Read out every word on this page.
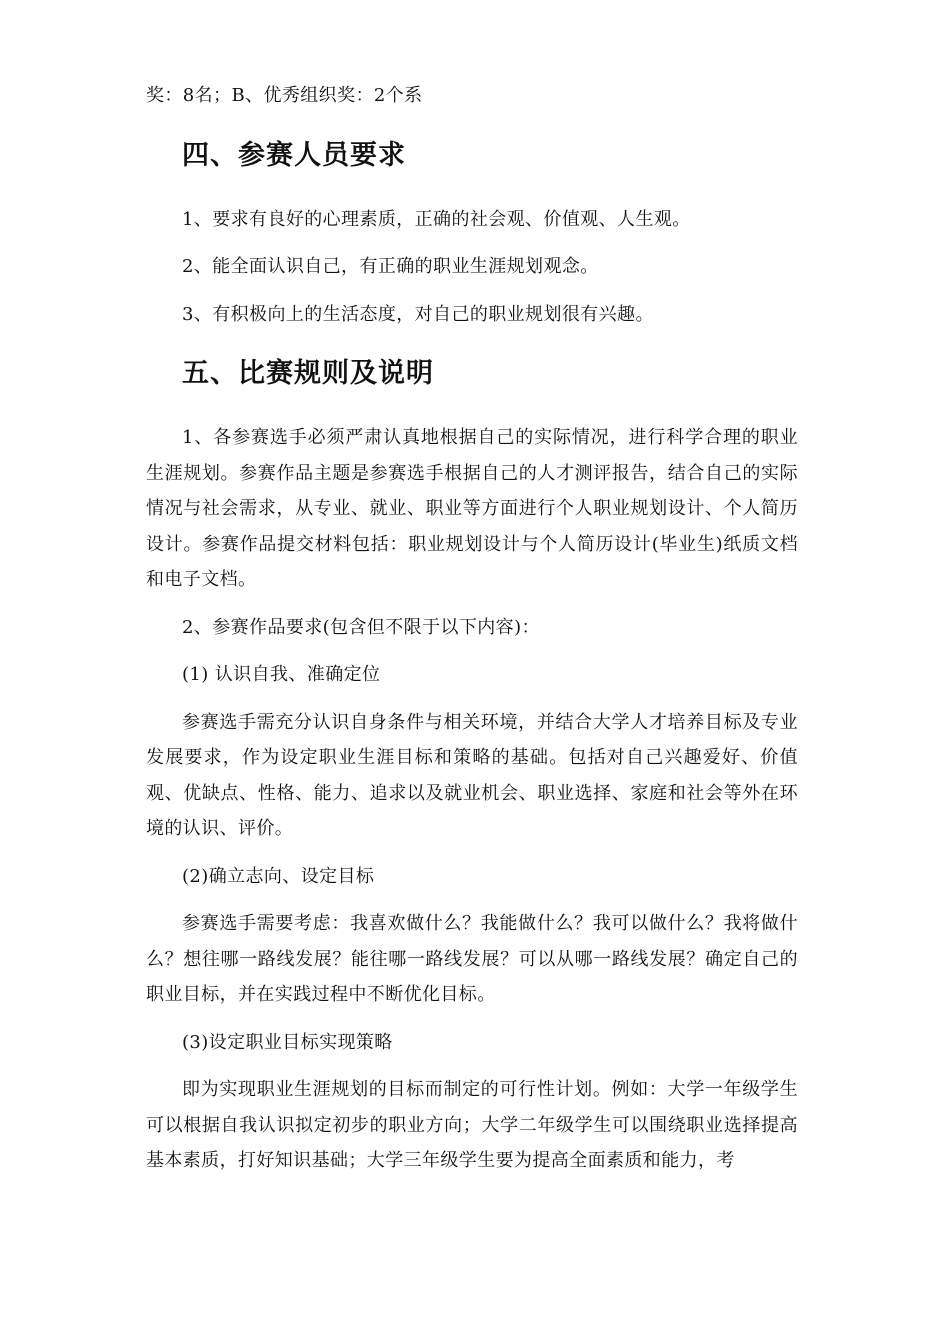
奖：8名；B、优秀组织奖：2个系

四、参赛人员要求

1、要求有良好的心理素质，正确的社会观、价值观、人生观。

2、能全面认识自己，有正确的职业生涯规划观念。

3、有积极向上的生活态度，对自己的职业规划很有兴趣。

五、比赛规则及说明

1、各参赛选手必须严肃认真地根据自己的实际情况，进行科学合理的职业生涯规划。参赛作品主题是参赛选手根据自己的人才测评报告，结合自己的实际情况与社会需求，从专业、就业、职业等方面进行个人职业规划设计、个人简历设计。参赛作品提交材料包括：职业规划设计与个人简历设计(毕业生)纸质文档和电子文档。

2、参赛作品要求(包含但不限于以下内容)：

(1) 认识自我、准确定位

参赛选手需充分认识自身条件与相关环境，并结合大学人才培养目标及专业发展要求，作为设定职业生涯目标和策略的基础。包括对自己兴趣爱好、价值观、优缺点、性格、能力、追求以及就业机会、职业选择、家庭和社会等外在环境的认识、评价。

(2)确立志向、设定目标

参赛选手需要考虑：我喜欢做什么？我能做什么？我可以做什么？我将做什么？想往哪一路线发展？能往哪一路线发展？可以从哪一路线发展？确定自己的职业目标，并在实践过程中不断优化目标。

(3)设定职业目标实现策略

即为实现职业生涯规划的目标而制定的可行性计划。例如：大学一年级学生可以根据自我认识拟定初步的职业方向；大学二年级学生可以围绕职业选择提高基本素质，打好知识基础；大学三年级学生要为提高全面素质和能力，考
